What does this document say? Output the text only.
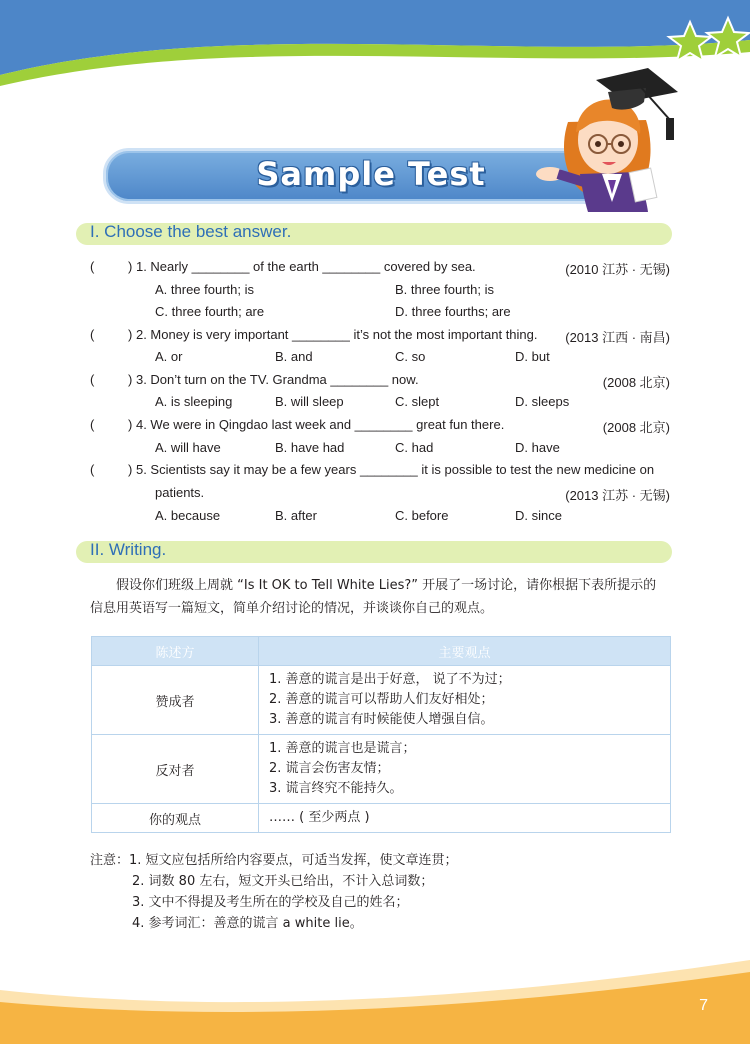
Sample Test
I. Choose the best answer.
(	) 1. Nearly ________ of the earth ________ covered by sea.	(2010 江苏 · 无锡)
A. three fourth; is	B. three fourth; is
C. three fourth; are	D. three fourths; are
(	) 2. Money is very important ________ it’s not the most important thing. (2013 江西 · 南昌)
A. or	B. and	C. so	D. but
(	) 3. Don’t turn on the TV. Grandma ________ now.	(2008 北京)
A. is sleeping	B. will sleep	C. slept	D. sleeps
(	) 4. We were in Qingdao last week and ________ great fun there.	(2008 北京)
A. will have	B. have had	C. had	D. have
(	) 5. Scientists say it may be a few years ________ it is possible to test the new medicine on
patients.	(2013 江苏 · 无锡)
A. because	B. after	C. before	D. since
II. Writing.
假设你们班级上周就 “Is It OK to Tell White Lies?” 开展了一场讨论，请你根据下表所提示的
信息用英语写一篇短文，简单介绍讨论的情况，并谈谈你自己的观点。
陈述方	主要观点
赞成者	1. 善意的谎言是出于好意， 说了不为过；
2. 善意的谎言可以帮助人们友好相处；
3. 善意的谎言有时候能使人增强自信。

反对者	1. 善意的谎言也是谎言；
2. 谎言会伤害友情；
3. 谎言终究不能持久。

你的观点	…… ( 至少两点 )
注意：1. 短文应包括所给内容要点，可适当发挥，使文章连贯；
2. 词数 80 左右，短文开头已给出，不计入总词数；
3. 文中不得提及考生所在的学校及自己的姓名；
4. 参考词汇：善意的谎言 a white lie。
7
